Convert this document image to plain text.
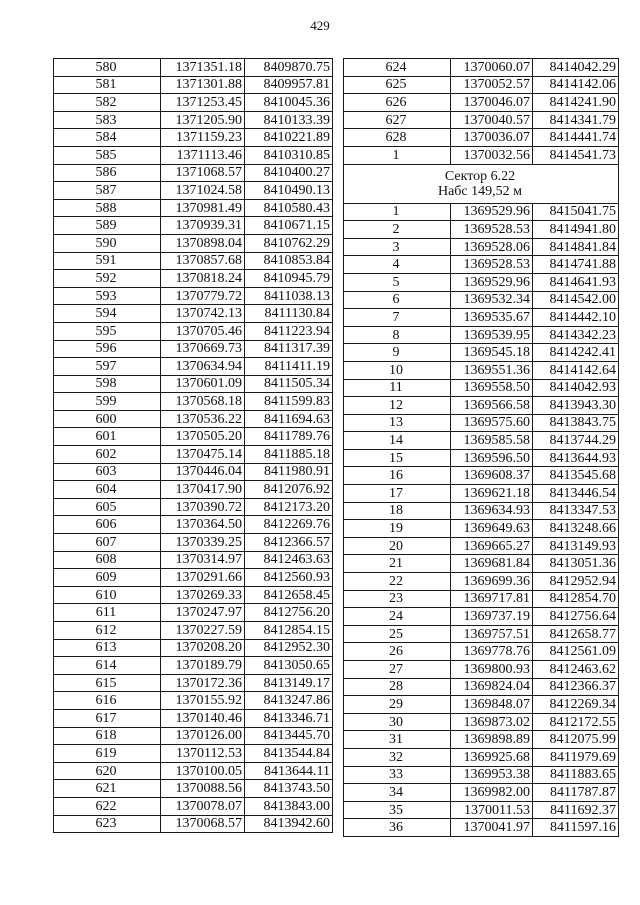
429
580	1371351.18	8409870.75
581	1371301.88	8409957.81
582	1371253.45	8410045.36
583	1371205.90	8410133.39
584	1371159.23	8410221.89
585	1371113.46	8410310.85
586	1371068.57	8410400.27
587	1371024.58	8410490.13
588	1370981.49	8410580.43
589	1370939.31	8410671.15
590	1370898.04	8410762.29
591	1370857.68	8410853.84
592	1370818.24	8410945.79
593	1370779.72	8411038.13
594	1370742.13	8411130.84
595	1370705.46	8411223.94
596	1370669.73	8411317.39
597	1370634.94	8411411.19
598	1370601.09	8411505.34
599	1370568.18	8411599.83
600	1370536.22	8411694.63
601	1370505.20	8411789.76
602	1370475.14	8411885.18
603	1370446.04	8411980.91
604	1370417.90	8412076.92
605	1370390.72	8412173.20
606	1370364.50	8412269.76
607	1370339.25	8412366.57
608	1370314.97	8412463.63
609	1370291.66	8412560.93
610	1370269.33	8412658.45
611	1370247.97	8412756.20
612	1370227.59	8412854.15
613	1370208.20	8412952.30
614	1370189.79	8413050.65
615	1370172.36	8413149.17
616	1370155.92	8413247.86
617	1370140.46	8413346.71
618	1370126.00	8413445.70
619	1370112.53	8413544.84
620	1370100.05	8413644.11
621	1370088.56	8413743.50
622	1370078.07	8413843.00
623	1370068.57	8413942.60
624	1370060.07	8414042.29
625	1370052.57	8414142.06
626	1370046.07	8414241.90
627	1370040.57	8414341.79
628	1370036.07	8414441.74
1	1370032.56	8414541.73

Сектор 6.22
Набс 149,52 м		

1	1369529.96	8415041.75
2	1369528.53	8414941.80
3	1369528.06	8414841.84
4	1369528.53	8414741.88
5	1369529.96	8414641.93
6	1369532.34	8414542.00
7	1369535.67	8414442.10
8	1369539.95	8414342.23
9	1369545.18	8414242.41
10	1369551.36	8414142.64
11	1369558.50	8414042.93
12	1369566.58	8413943.30
13	1369575.60	8413843.75
14	1369585.58	8413744.29
15	1369596.50	8413644.93
16	1369608.37	8413545.68
17	1369621.18	8413446.54
18	1369634.93	8413347.53
19	1369649.63	8413248.66
20	1369665.27	8413149.93
21	1369681.84	8413051.36
22	1369699.36	8412952.94
23	1369717.81	8412854.70
24	1369737.19	8412756.64
25	1369757.51	8412658.77
26	1369778.76	8412561.09
27	1369800.93	8412463.62
28	1369824.04	8412366.37
29	1369848.07	8412269.34
30	1369873.02	8412172.55
31	1369898.89	8412075.99
32	1369925.68	8411979.69
33	1369953.38	8411883.65
34	1369982.00	8411787.87
35	1370011.53	8411692.37
36	1370041.97	8411597.16
